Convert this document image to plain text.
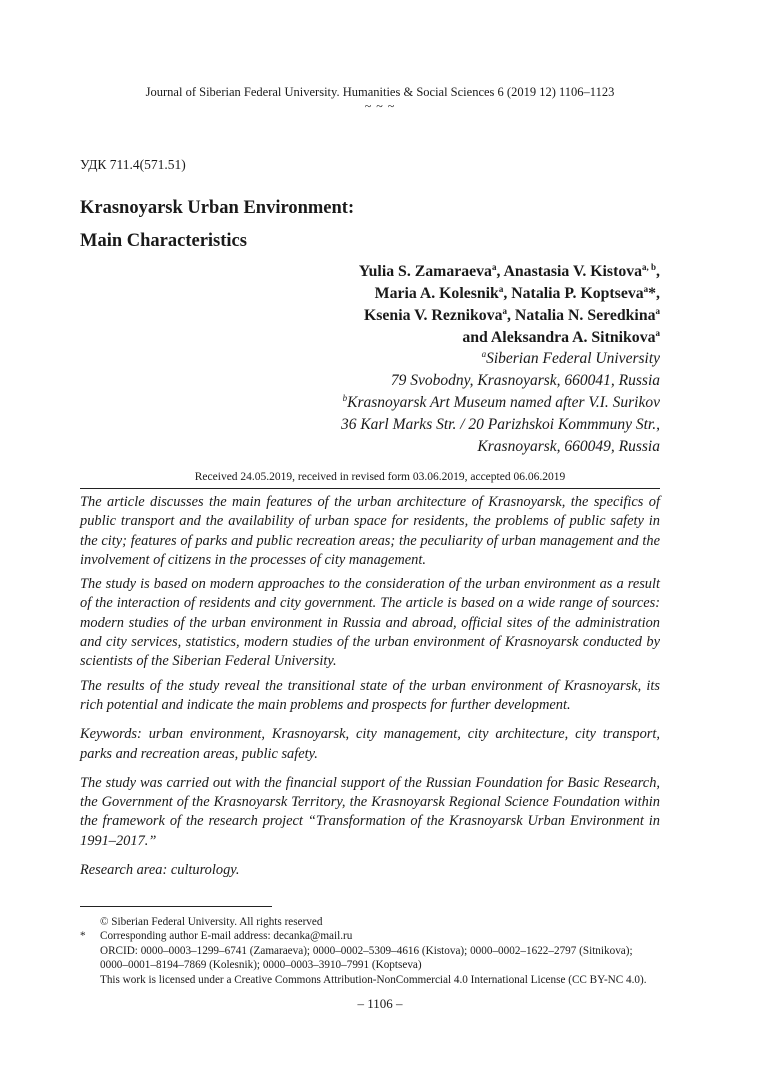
Journal of Siberian Federal University. Humanities & Social Sciences 6 (2019 12) 1106–1123
~ ~ ~
УДК 711.4(571.51)
Krasnoyarsk Urban Environment:
Main Characteristics
Yulia S. Zamaraeva$^a$, Anastasia V. Kistova$^{a, b}$,
Maria A. Kolesnik$^a$, Natalia P. Koptseva$^a$*,
Ksenia V. Reznikova$^a$, Natalia N. Seredkina$^a$
and Aleksandra A. Sitnikova$^a$
$^a$Siberian Federal University
79 Svobodny, Krasnoyarsk, 660041, Russia
$^b$Krasnoyarsk Art Museum named after V.I. Surikov
36 Karl Marks Str. / 20 Parizhskoi Kommmuny Str.,
Krasnoyarsk, 660049, Russia
Received 24.05.2019, received in revised form 03.06.2019, accepted 06.06.2019

The article discusses the main features of the urban architecture of Krasnoyarsk, the specifics of public transport and the availability of urban space for residents, the problems of public safety in the city; features of parks and public recreation areas; the peculiarity of urban management and the involvement of citizens in the processes of city management.

The study is based on modern approaches to the consideration of the urban environment as a result of the interaction of residents and city government. The article is based on a wide range of sources: modern studies of the urban environment in Russia and abroad, official sites of the administration and city services, statistics, modern studies of the urban environment of Krasnoyarsk conducted by scientists of the Siberian Federal University.

The results of the study reveal the transitional state of the urban environment of Krasnoyarsk, its rich potential and indicate the main problems and prospects for further development.

Keywords: urban environment, Krasnoyarsk, city management, city architecture, city transport, parks and recreation areas, public safety.

The study was carried out with the financial support of the Russian Foundation for Basic Research, the Government of the Krasnoyarsk Territory, the Krasnoyarsk Regional Science Foundation within the framework of the research project “Transformation of the Krasnoyarsk Urban Environment in 1991–2017.”

Research area: culturology.

© Siberian Federal University. All rights reserved
* Corresponding author E-mail address: decanka@mail.ru
ORCID: 0000–0003–1299–6741 (Zamaraeva); 0000–0002–5309–4616 (Kistova); 0000–0002–1622–2797 (Sitnikova);
0000–0001–8194–7869 (Kolesnik); 0000–0003–3910–7991 (Koptseva)
This work is licensed under a Creative Commons Attribution-NonCommercial 4.0 International License (CC BY-NC 4.0).
– 1106 –
